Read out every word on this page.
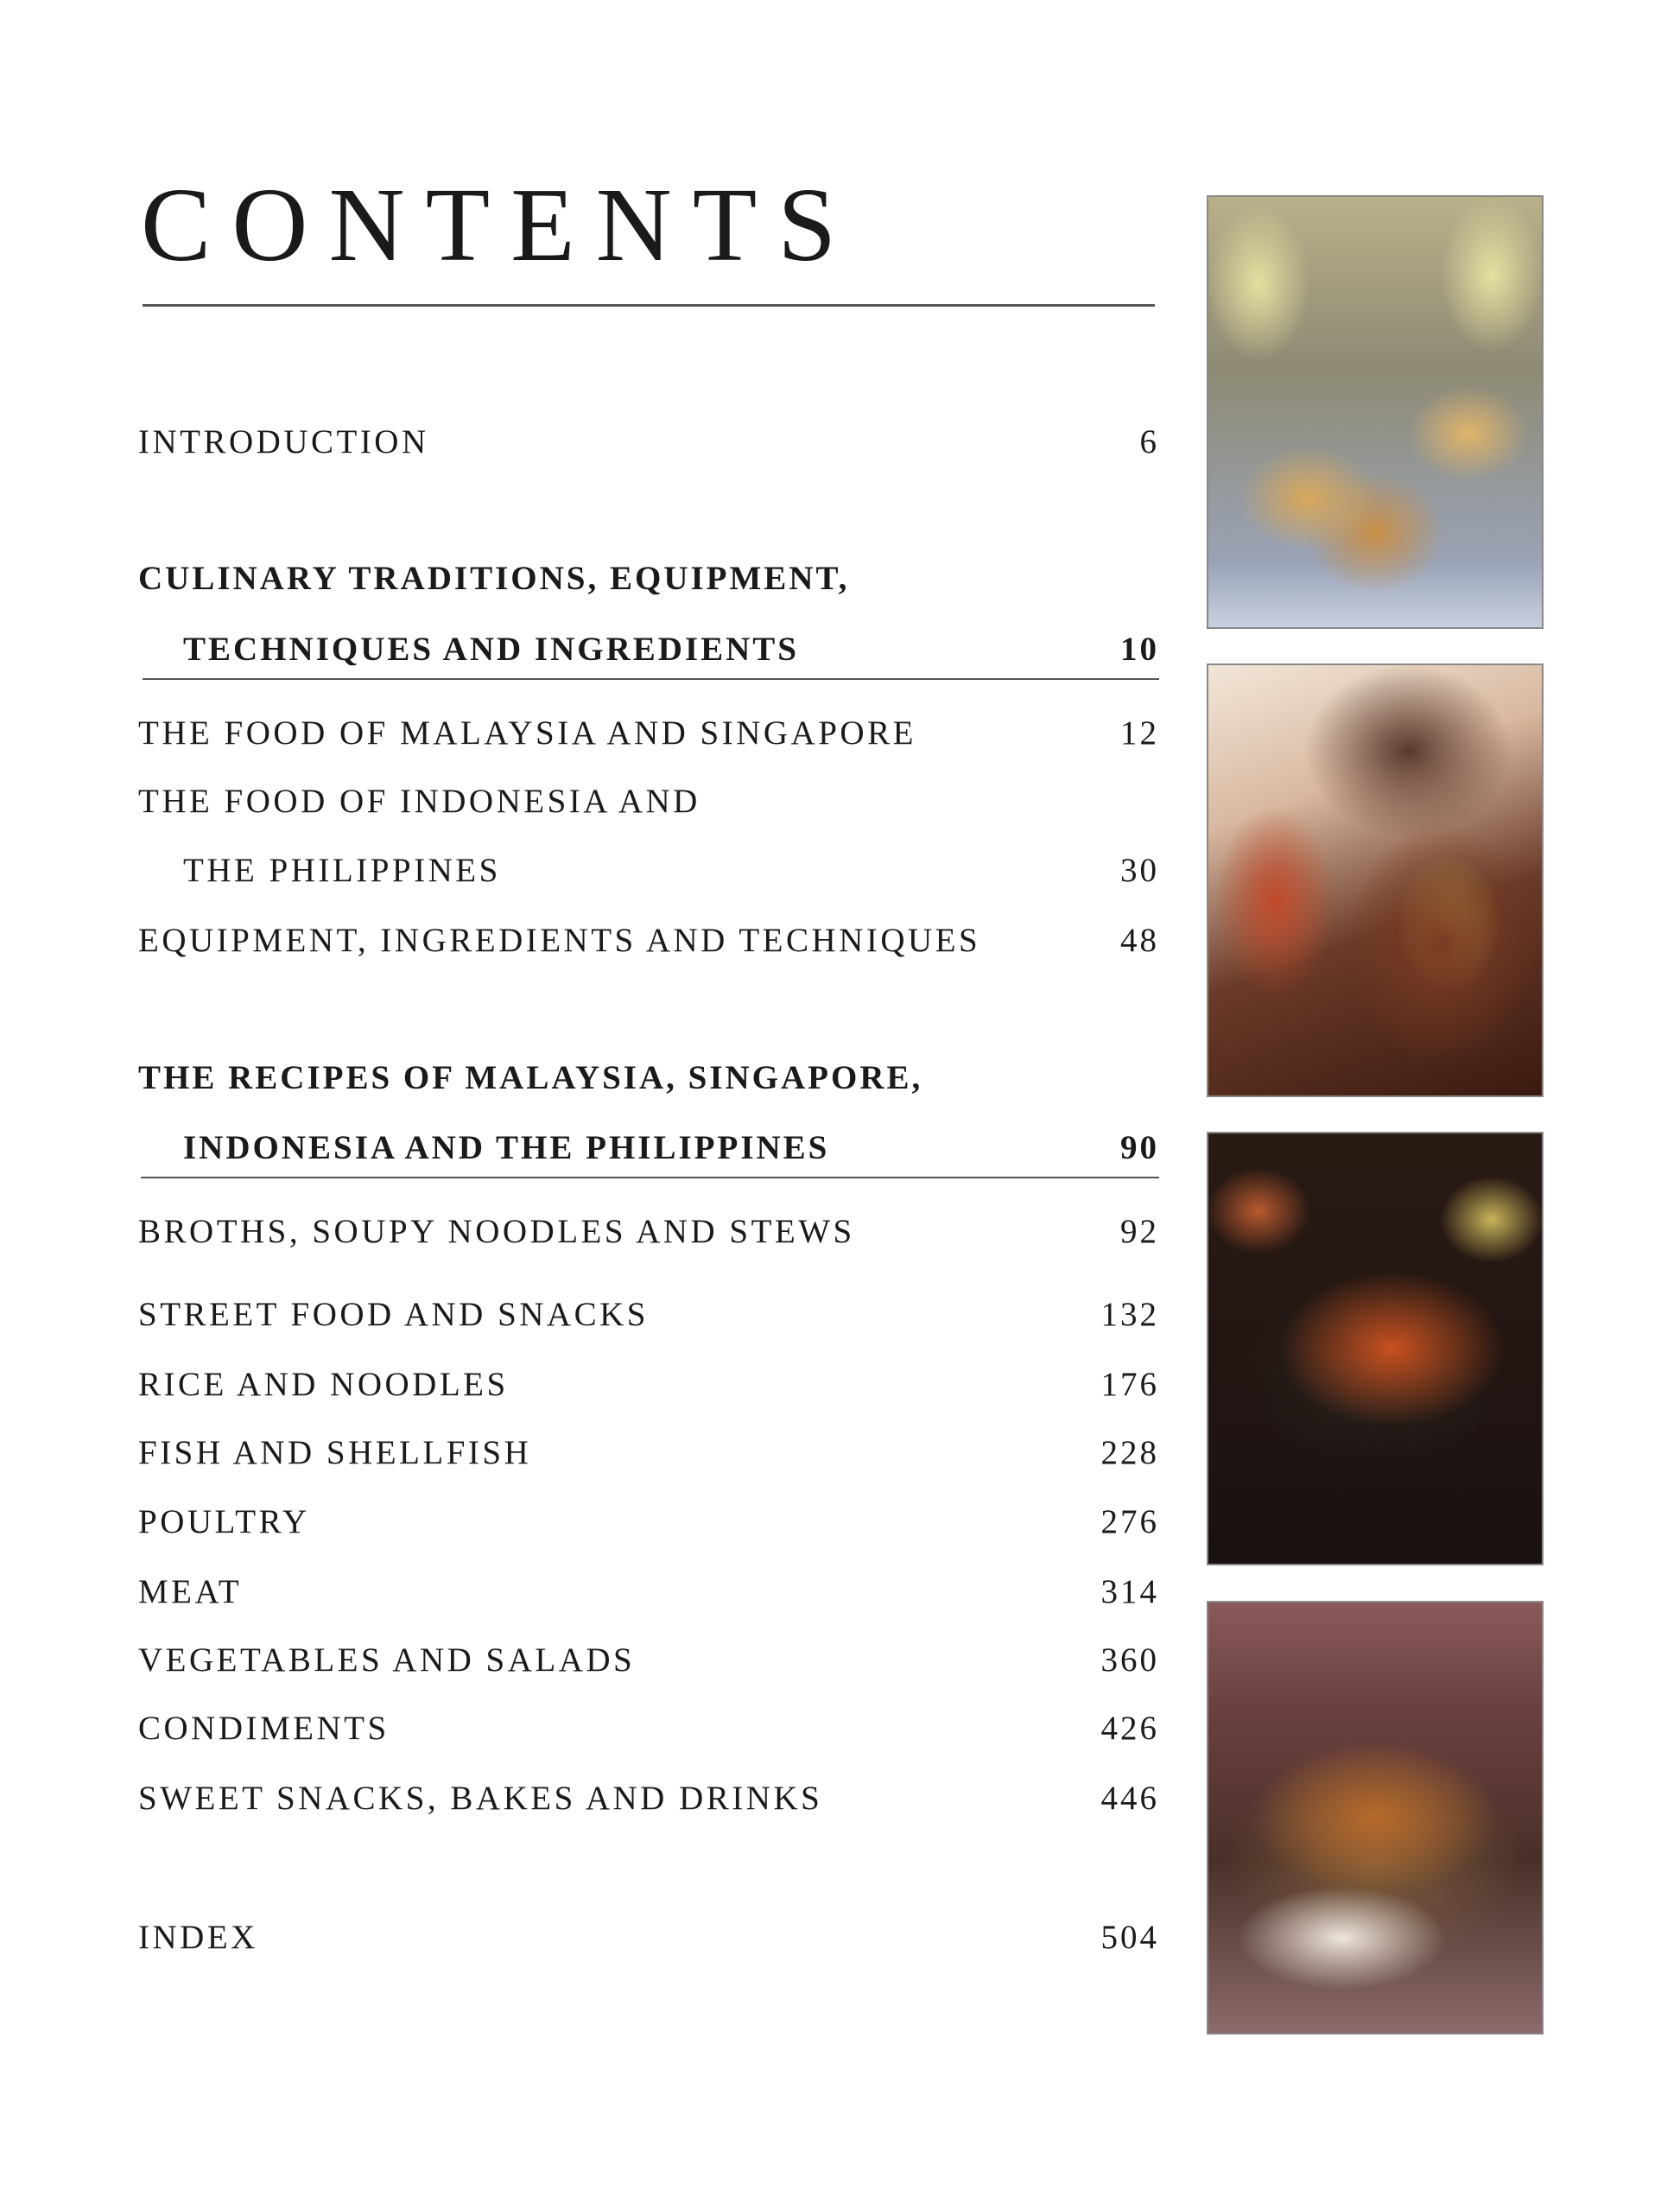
CONTENTS
INTRODUCTION	6
CULINARY TRADITIONS, EQUIPMENT,
TECHNIQUES AND INGREDIENTS	10
THE FOOD OF MALAYSIA AND SINGAPORE	12
THE FOOD OF INDONESIA AND
THE PHILIPPINES	30
EQUIPMENT, INGREDIENTS AND TECHNIQUES	48
THE RECIPES OF MALAYSIA, SINGAPORE,
INDONESIA AND THE PHILIPPINES	90
BROTHS, SOUPY NOODLES AND STEWS	92
STREET FOOD AND SNACKS	132
RICE AND NOODLES	176
FISH AND SHELLFISH	228
POULTRY	276
MEAT	314
VEGETABLES AND SALADS	360
CONDIMENTS	426
SWEET SNACKS, BAKES AND DRINKS	446
INDEX	504
